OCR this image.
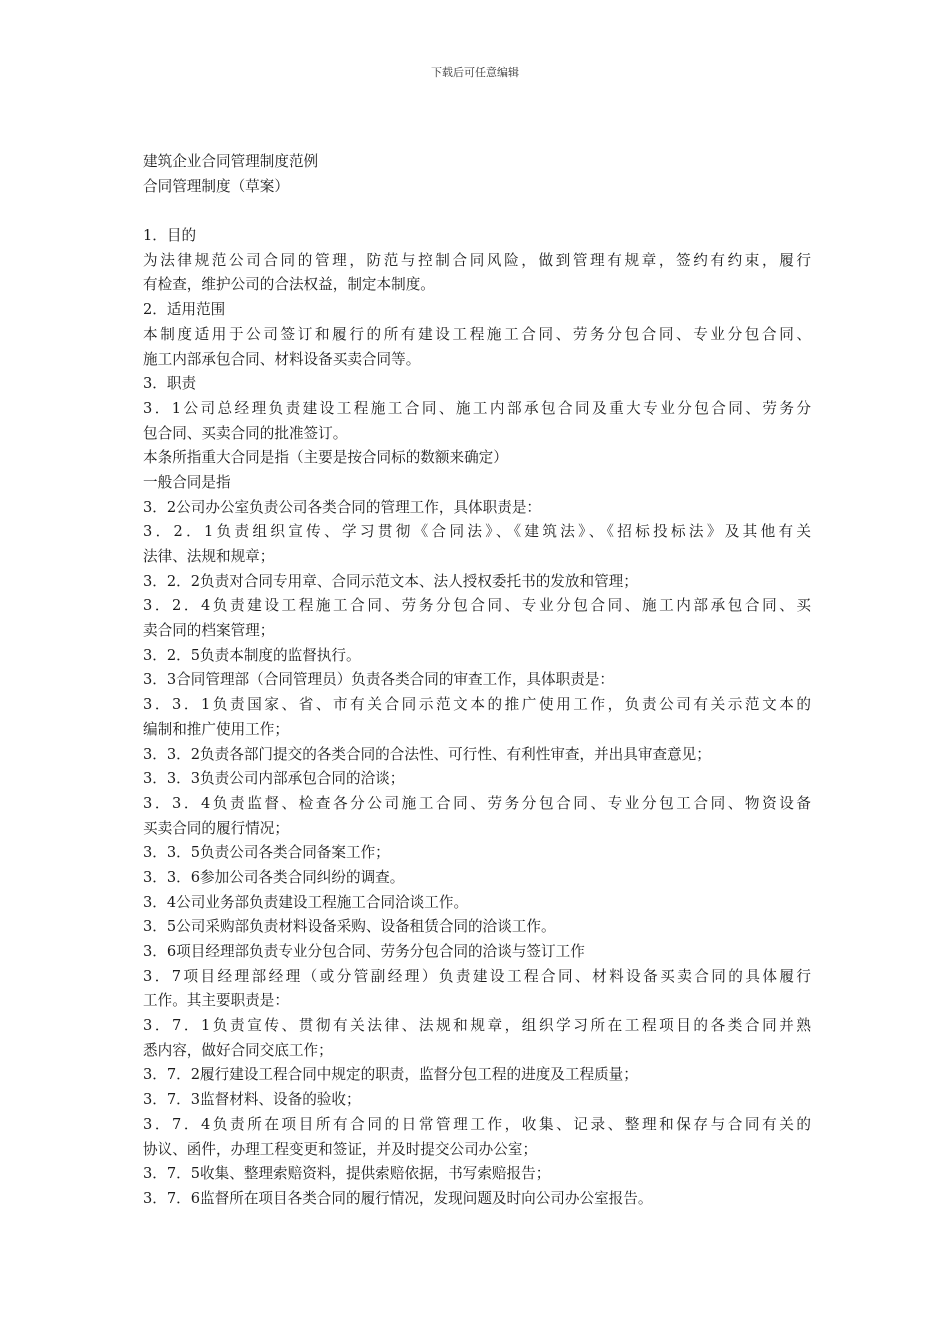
下载后可任意编辑
建筑企业合同管理制度范例
合同管理制度（草案）
1．目的
为法律规范公司合同的管理，防范与控制合同风险，做到管理有规章，签约有约束，履行
有检查，维护公司的合法权益，制定本制度。
2．适用范围
本制度适用于公司签订和履行的所有建设工程施工合同、劳务分包合同、专业分包合同、
施工内部承包合同、材料设备买卖合同等。
3．职责
3．1公司总经理负责建设工程施工合同、施工内部承包合同及重大专业分包合同、劳务分
包合同、买卖合同的批准签订。
本条所指重大合同是指（主要是按合同标的数额来确定）
一般合同是指
3．2公司办公室负责公司各类合同的管理工作，具体职责是：
3．2．1负责组织宣传、学习贯彻《合同法》、《建筑法》、《招标投标法》及其他有关
法律、法规和规章；
3．2．2负责对合同专用章、合同示范文本、法人授权委托书的发放和管理；
3．2．4负责建设工程施工合同、劳务分包合同、专业分包合同、施工内部承包合同、买
卖合同的档案管理；
3．2．5负责本制度的监督执行。
3．3合同管理部（合同管理员）负责各类合同的审查工作，具体职责是：
3．3．1负责国家、省、市有关合同示范文本的推广使用工作，负责公司有关示范文本的
编制和推广使用工作；
3．3．2负责各部门提交的各类合同的合法性、可行性、有利性审查，并出具审查意见；
3．3．3负责公司内部承包合同的洽谈；
3．3．4负责监督、检查各分公司施工合同、劳务分包合同、专业分包工合同、物资设备
买卖合同的履行情况；
3．3．5负责公司各类合同备案工作；
3．3．6参加公司各类合同纠纷的调查。
3．4公司业务部负责建设工程施工合同洽谈工作。
3．5公司采购部负责材料设备采购、设备租赁合同的洽谈工作。
3．6项目经理部负责专业分包合同、劳务分包合同的洽谈与签订工作
3．7项目经理部经理（或分管副经理）负责建设工程合同、材料设备买卖合同的具体履行
工作。其主要职责是：
3．7．1负责宣传、贯彻有关法律、法规和规章，组织学习所在工程项目的各类合同并熟
悉内容，做好合同交底工作；
3．7．2履行建设工程合同中规定的职责，监督分包工程的进度及工程质量；
3．7．3监督材料、设备的验收；
3．7．4负责所在项目所有合同的日常管理工作，收集、记录、整理和保存与合同有关的
协议、函件，办理工程变更和签证，并及时提交公司办公室；
3．7．5收集、整理索赔资料，提供索赔依据，书写索赔报告；
3．7．6监督所在项目各类合同的履行情况，发现问题及时向公司办公室报告。
